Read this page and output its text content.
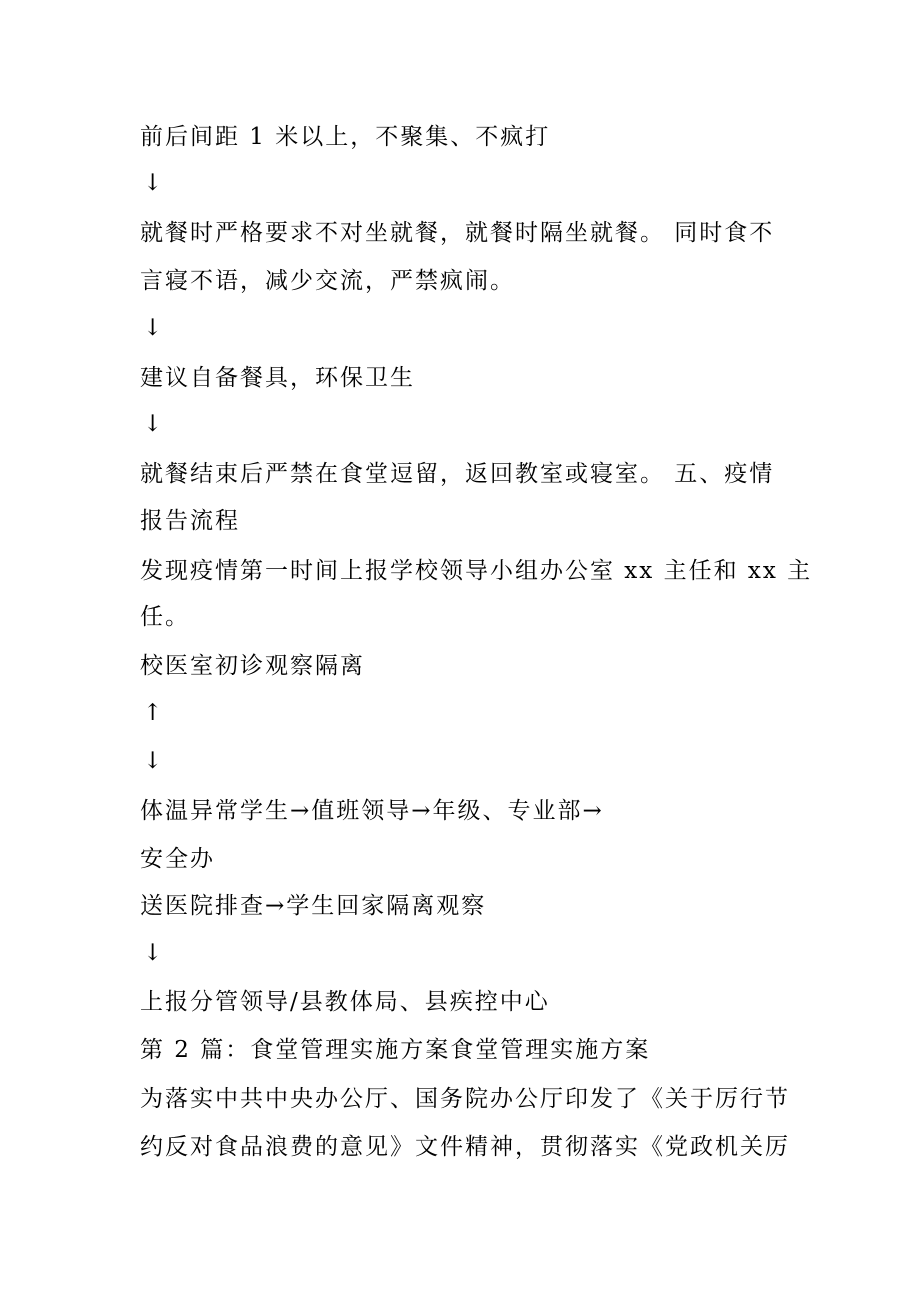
前后间距 1 米以上，不聚集、不疯打
↓
就餐时严格要求不对坐就餐，就餐时隔坐就餐。 同时食不
言寝不语，减少交流，严禁疯闹。
↓
建议自备餐具，环保卫生
↓
就餐结束后严禁在食堂逗留，返回教室或寝室。 五、疫情
报告流程
发现疫情第一时间上报学校领导小组办公室 xx 主任和 xx 主
任。
校医室初诊观察隔离
↑
↓
体温异常学生→值班领导→年级、专业部→
安全办
送医院排查→学生回家隔离观察
↓
上报分管领导/县教体局、县疾控中心
第 2 篇：食堂管理实施方案食堂管理实施方案
为落实中共中央办公厅、国务院办公厅印发了《关于厉行节
约反对食品浪费的意见》文件精神，贯彻落实《党政机关厉
